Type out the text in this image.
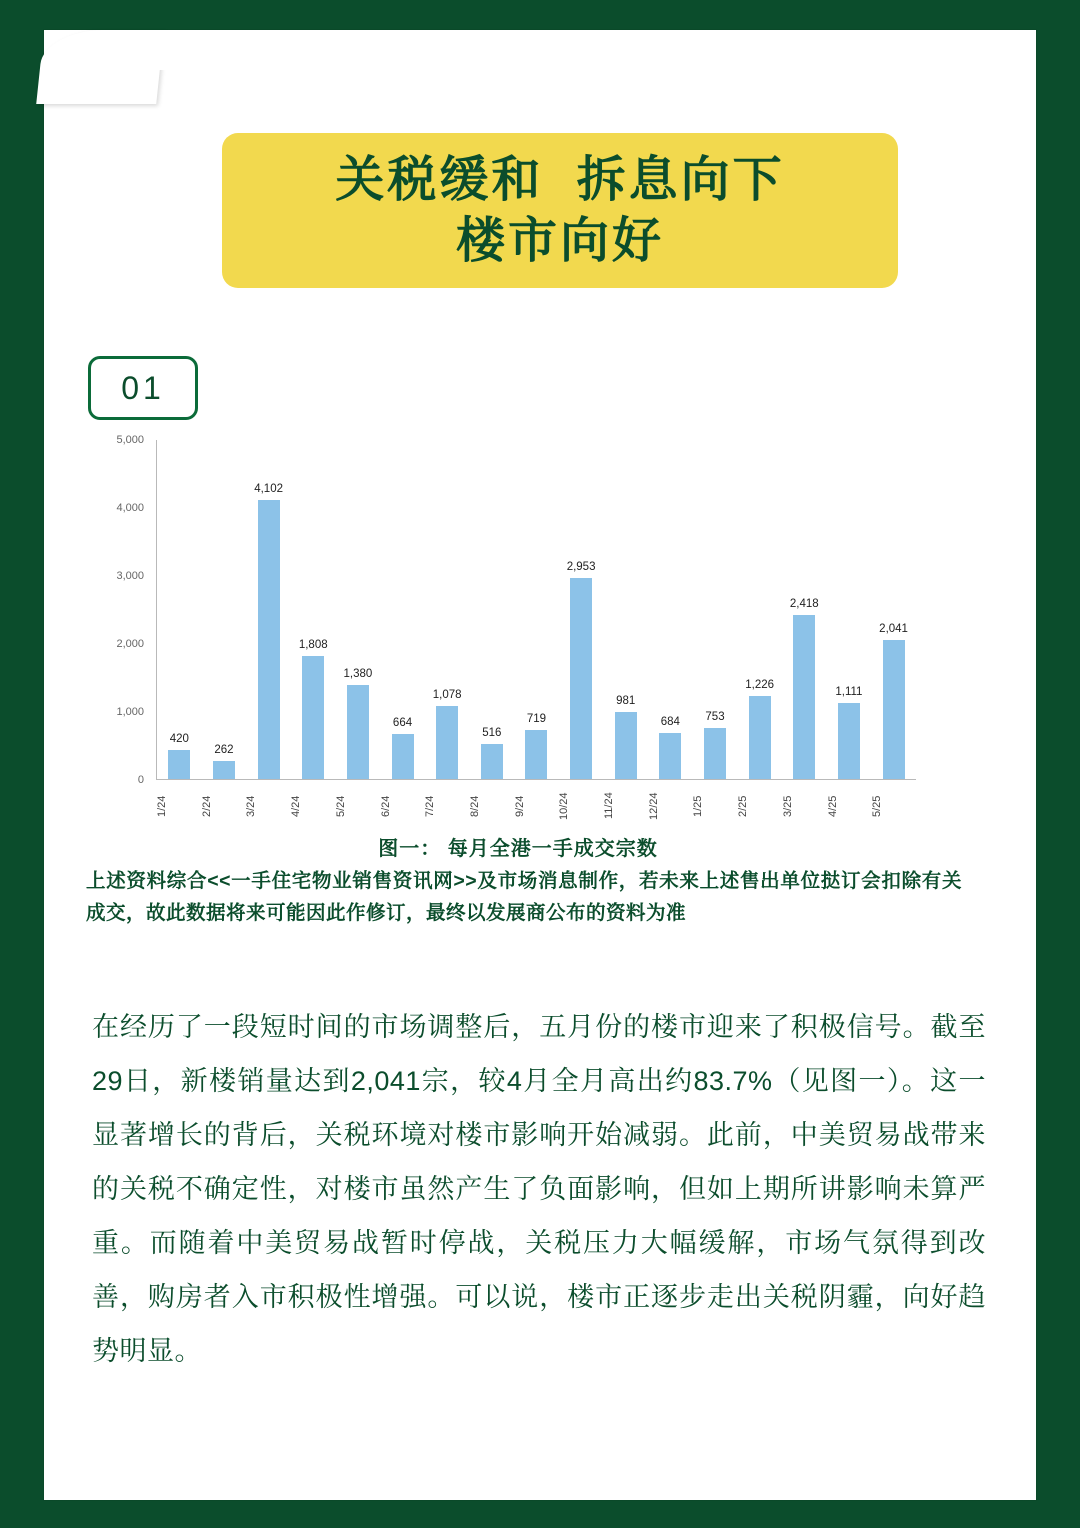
关税缓和  拆息向下
楼市向好
01
0
1,000
2,000
3,000
4,000
5,000
420
262
4,102
1,808
1,380
664
1,078
516
719
2,953
981
684 753
1,226
2,418
1,111
2,041
1/24	2/24	3/24	4/24	5/24	6/24	7/24	8/24	9/24	10/24	11/24	12/24	1/25	2/25	3/25	4/25	5/25
图一： 每月全港一手成交宗数
上述资料综合<<一手住宅物业销售资讯网>>及市场消息制作，若未来上述售出单位挞订会扣除有关成交，故此数据将来可能因此作修订，最终以发展商公布的资料为准
在经历了一段短时间的市场调整后，五月份的楼市迎来了积极信号。截至29日，新楼销量达到2,041宗，较4月全月高出约83.7%（见图一）。这一显著增长的背后，关税环境对楼市影响开始减弱。此前，中美贸易战带来的关税不确定性，对楼市虽然产生了负面影响，但如上期所讲影响未算严重。而随着中美贸易战暂时停战，关税压力大幅缓解，市场气氛得到改善，购房者入市积极性增强。可以说，楼市正逐步走出关税阴霾，向好趋势明显。
